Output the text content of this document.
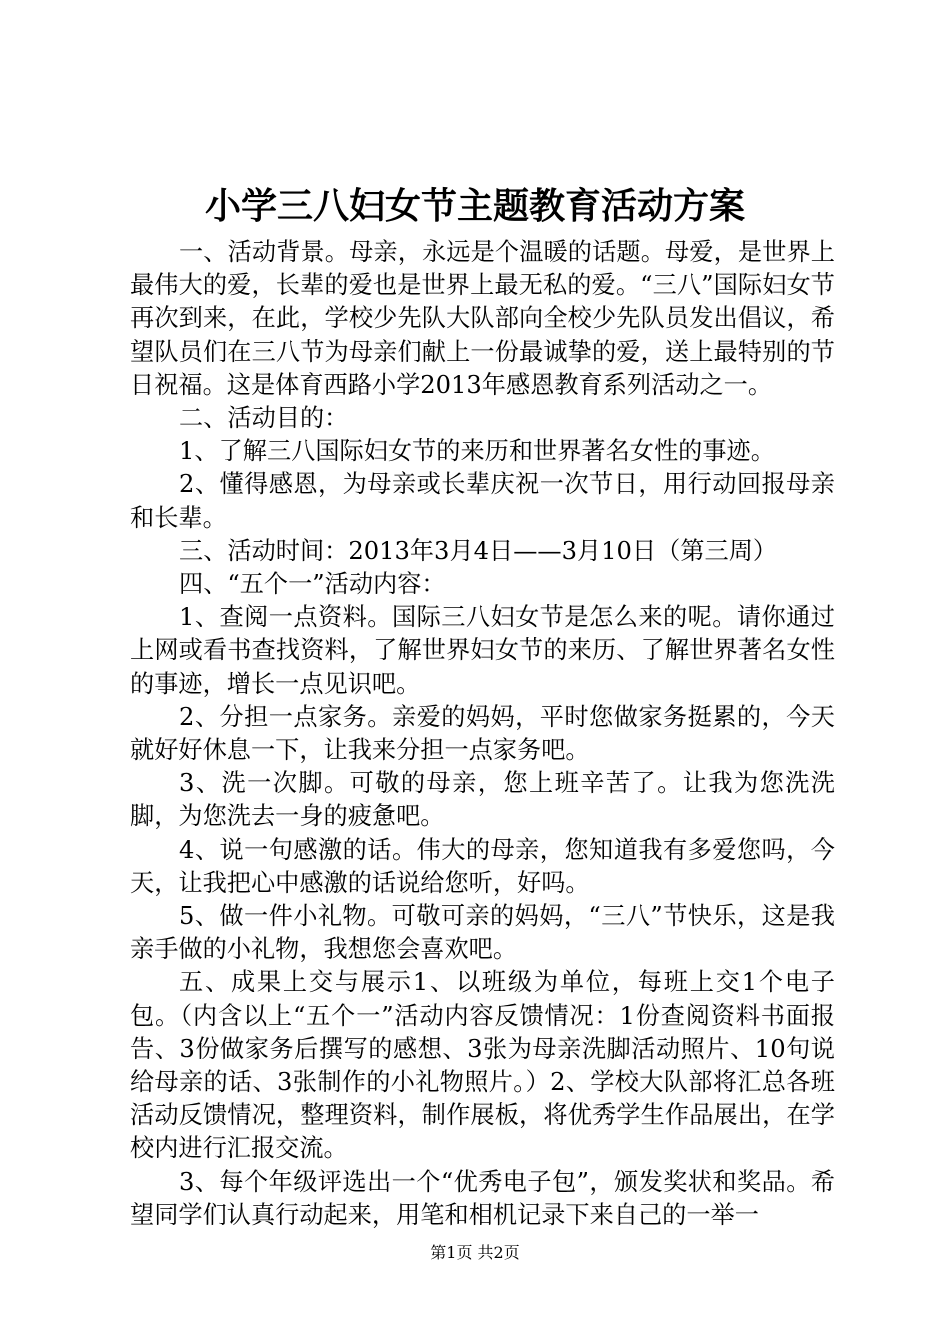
小学三八妇女节主题教育活动方案

一、活动背景。母亲，永远是个温暖的话题。母爱，是世界上最伟大的爱，长辈的爱也是世界上最无私的爱。“三八”国际妇女节再次到来，在此，学校少先队大队部向全校少先队员发出倡议，希望队员们在三八节为母亲们献上一份最诚挚的爱，送上最特别的节日祝福。这是体育西路小学2013年感恩教育系列活动之一。

二、活动目的：

1、了解三八国际妇女节的来历和世界著名女性的事迹。

2、懂得感恩，为母亲或长辈庆祝一次节日，用行动回报母亲和长辈。

三、活动时间：2013年3月4日——3月10日（第三周）

四、“五个一”活动内容：

1、查阅一点资料。国际三八妇女节是怎么来的呢。请你通过上网或看书查找资料，了解世界妇女节的来历、了解世界著名女性的事迹，增长一点见识吧。

2、分担一点家务。亲爱的妈妈，平时您做家务挺累的，今天就好好休息一下，让我来分担一点家务吧。

3、洗一次脚。可敬的母亲，您上班辛苦了。让我为您洗洗脚，为您洗去一身的疲惫吧。

4、说一句感激的话。伟大的母亲，您知道我有多爱您吗，今天，让我把心中感激的话说给您听，好吗。

5、做一件小礼物。可敬可亲的妈妈，“三八”节快乐，这是我亲手做的小礼物，我想您会喜欢吧。

五、成果上交与展示1、以班级为单位，每班上交1个电子包。（内含以上“五个一”活动内容反馈情况：1份查阅资料书面报告、3份做家务后撰写的感想、3张为母亲洗脚活动照片、10句说给母亲的话、3张制作的小礼物照片。）2、学校大队部将汇总各班活动反馈情况，整理资料，制作展板，将优秀学生作品展出，在学校内进行汇报交流。

3、每个年级评选出一个“优秀电子包”，颁发奖状和奖品。希望同学们认真行动起来，用笔和相机记录下来自己的一举一

第1页 共2页
